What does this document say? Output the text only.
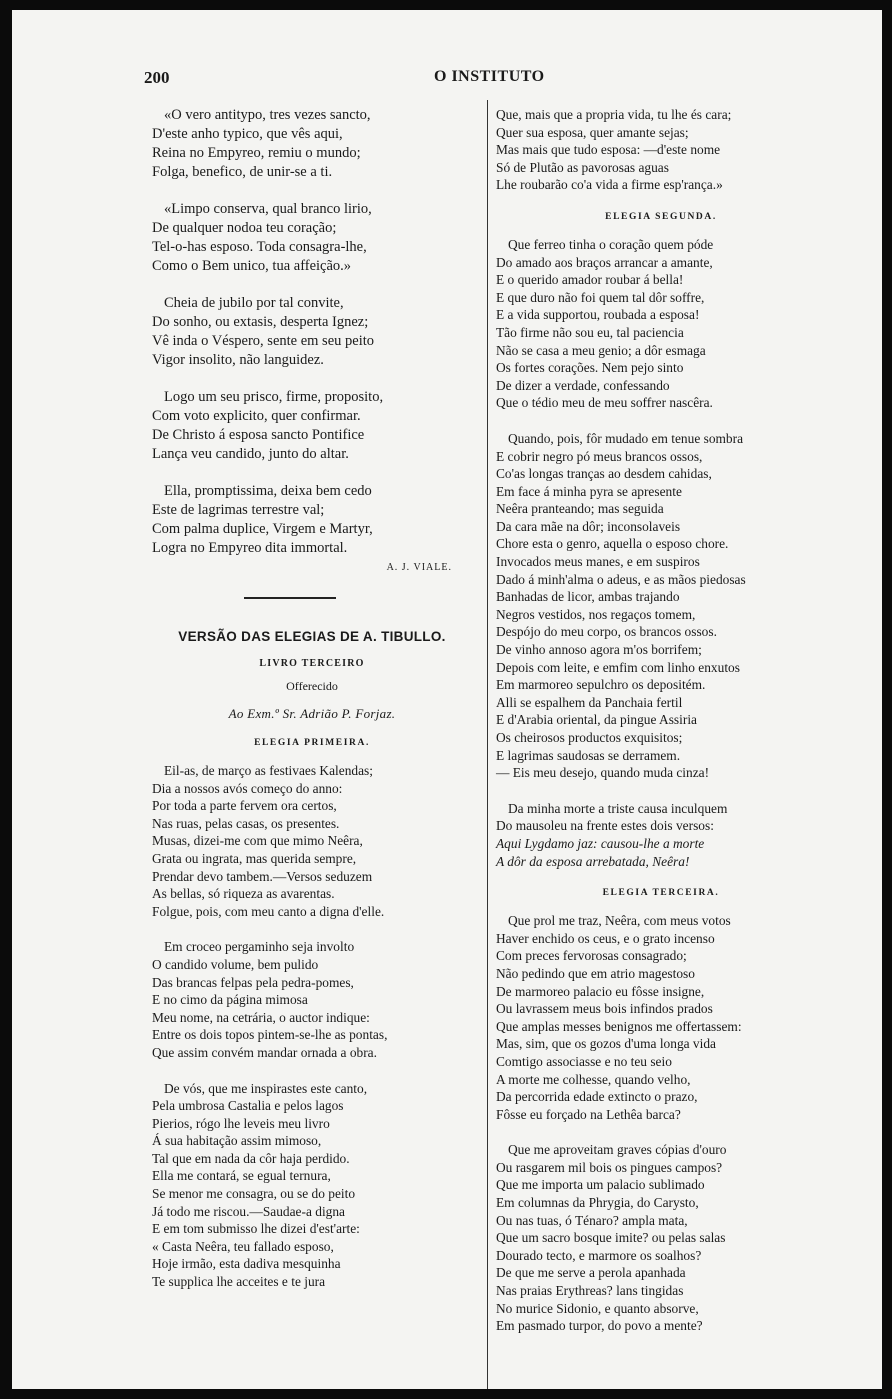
200	O INSTITUTO
«O vero antitypo, tres vezes sancto,
D'este anho typico, que vês aqui,
Reina no Empyreo, remiu o mundo;
Folga, benefico, de unir-se a ti.
«Limpo conserva, qual branco lirio,
De qualquer nodoa teu coração;
Tel-o-has esposo. Toda consagra-lhe,
Como o Bem unico, tua affeição.»
Cheia de jubilo por tal convite,
Do sonho, ou extasis, desperta Ignez;
Vê inda o Véspero, sente em seu peito
Vigor insolito, não languidez.
Logo um seu prisco, firme, proposito,
Com voto explicito, quer confirmar.
De Christo á esposa sancto Pontifice
Lança veu candido, junto do altar.
Ella, promptissima, deixa bem cedo
Este de lagrimas terrestre val;
Com palma duplice, Virgem e Martyr,
Logra no Empyreo dita immortal.
A. J. VIALE.
VERSÃO DAS ELEGIAS DE A. TIBULLO.
LIVRO TERCEIRO
Offerecido
Ao Exm.º Sr. Adrião P. Forjaz.
ELEGIA PRIMEIRA.
Eil-as, de março as festivaes Kalendas;
Dia a nossos avós começo do anno:
Por toda a parte fervem ora certos,
Nas ruas, pelas casas, os presentes.
Musas, dizei-me com que mimo Neêra,
Grata ou ingrata, mas querida sempre,
Prendar devo tambem.—Versos seduzem
As bellas, só riqueza as avarentas.
Folgue, pois, com meu canto a digna d'elle.
Em croceo pergaminho seja involto
O candido volume, bem pulido
Das brancas felpas pela pedra-pomes,
E no cimo da página mimosa
Meu nome, na cetrária, o auctor indique:
Entre os dois topos pintem-se-lhe as pontas,
Que assim convém mandar ornada a obra.
De vós, que me inspirastes este canto,
Pela umbrosa Castalia e pelos lagos
Pierios, rógo lhe leveis meu livro
Á sua habitação assim mimoso,
Tal que em nada da côr haja perdido.
Ella me contará, se egual ternura,
Se menor me consagra, ou se do peito
Já todo me riscou.—Saudae-a digna
E em tom submisso lhe dizei d'est'arte:
« Casta Neêra, teu fallado esposo,
Hoje irmão, esta dadiva mesquinha
Te supplica lhe acceites e te jura
Que, mais que a propria vida, tu lhe és cara;
Quer sua esposa, quer amante sejas;
Mas mais que tudo esposa: —d'este nome
Só de Plutão as pavorosas aguas
Lhe roubarão co'a vida a firme esp'rança.»
ELEGIA SEGUNDA.
Que ferreo tinha o coração quem póde
Do amado aos braços arrancar a amante,
E o querido amador roubar á bella!
E que duro não foi quem tal dôr soffre,
E a vida supportou, roubada a esposa!
Tão firme não sou eu, tal paciencia
Não se casa a meu genio; a dôr esmaga
Os fortes corações. Nem pejo sinto
De dizer a verdade, confessando
Que o tédio meu de meu soffrer nascêra.
Quando, pois, fôr mudado em tenue sombra
E cobrir negro pó meus brancos ossos,
Co'as longas tranças ao desdem cahidas,
Em face á minha pyra se apresente
Neêra pranteando; mas seguida
Da cara mãe na dôr; inconsolaveis
Chore esta o genro, aquella o esposo chore.
Invocados meus manes, e em suspiros
Dado á minh'alma o adeus, e as mãos piedosas
Banhadas de licor, ambas trajando
Negros vestidos, nos regaços tomem,
Despójo do meu corpo, os brancos ossos.
De vinho annoso agora m'os borrifem;
Depois com leite, e emfim com linho enxutos
Em marmoreo sepulchro os depositém.
Alli se espalhem da Panchaia fertil
E d'Arabia oriental, da pingue Assiria
Os cheirosos productos exquisitos;
E lagrimas saudosas se derramem.
— Eis meu desejo, quando muda cinza!
Da minha morte a triste causa inculquem
Do mausoleu na frente estes dois versos:
Aqui Lygdamo jaz: causou-lhe a morte
A dôr da esposa arrebatada, Neêra!
ELEGIA TERCEIRA.
Que prol me traz, Neêra, com meus votos
Haver enchido os ceus, e o grato incenso
Com preces fervorosas consagrado;
Não pedindo que em atrio magestoso
De marmoreo palacio eu fôsse insigne,
Ou lavrassem meus bois infindos prados
Que amplas messes benignos me offertassem:
Mas, sim, que os gozos d'uma longa vida
Comtigo associasse e no teu seio
A morte me colhesse, quando velho,
Da percorrida edade extincto o prazo,
Fôsse eu forçado na Lethêa barca?
Que me aproveitam graves cópias d'ouro
Ou rasgarem mil bois os pingues campos?
Que me importa um palacio sublimado
Em columnas da Phrygia, do Carysto,
Ou nas tuas, ó Ténaro? ampla mata,
Que um sacro bosque imite? ou pelas salas
Dourado tecto, e marmore os soalhos?
De que me serve a perola apanhada
Nas praias Erythreas? lans tingidas
No murice Sidonio, e quanto absorve,
Em pasmado turpor, do povo a mente?
